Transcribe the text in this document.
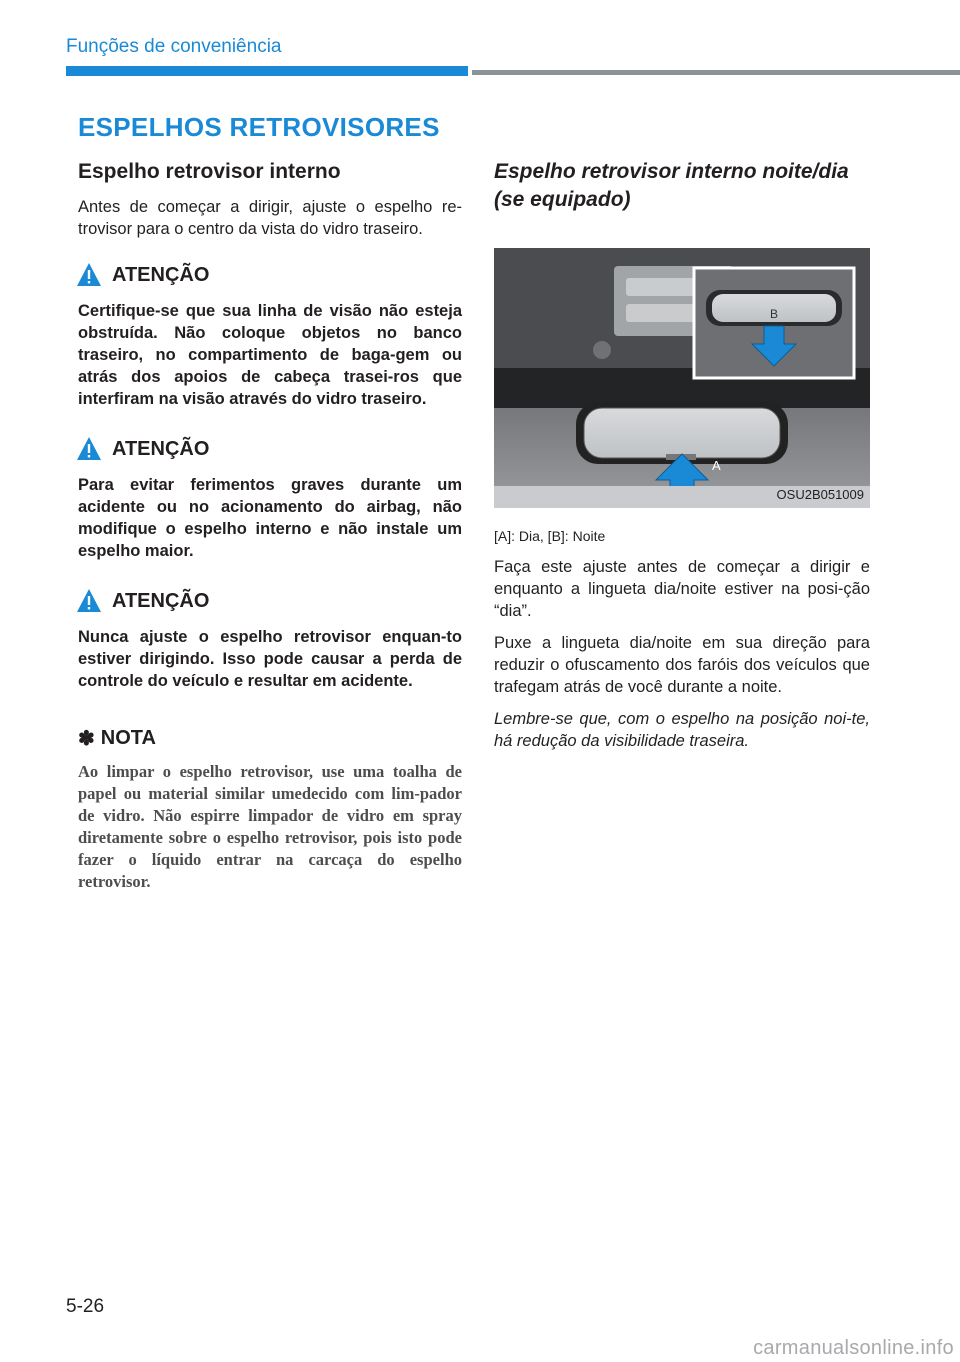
Funções de conveniência
ESPELHOS RETROVISORES
Espelho retrovisor interno

Antes de começar a dirigir, ajuste o espelho re-trovisor para o centro da vista do vidro traseiro.

ATENÇÃO
Certifique-se que sua linha de visão não esteja obstruída. Não coloque objetos no banco traseiro, no compartimento de baga-gem ou atrás dos apoios de cabeça trasei-ros que interfiram na visão através do vidro traseiro.
ATENÇÃO
Para evitar ferimentos graves durante um acidente ou no acionamento do airbag, não modifique o espelho interno e não instale um espelho maior.
ATENÇÃO
Nunca ajuste o espelho retrovisor enquan-to estiver dirigindo. Isso pode causar a perda de controle do veículo e resultar em acidente.
✽ NOTA
Ao limpar o espelho retrovisor, use uma toalha de papel ou material similar umedecido com lim-pador de vidro. Não espirre limpador de vidro em spray diretamente sobre o espelho retrovisor, pois isto pode fazer o líquido entrar na carcaça do espelho retrovisor.
Espelho retrovisor interno noite/dia (se equipado)
A
B
OSU2B051009
[A]: Dia, [B]: Noite

Faça este ajuste antes de começar a dirigir e enquanto a lingueta dia/noite estiver na posi-ção “dia”.

Puxe a lingueta dia/noite em sua direção para reduzir o ofuscamento dos faróis dos veículos que trafegam atrás de você durante a noite.

Lembre-se que, com o espelho na posição noi-te, há redução da visibilidade traseira.

5-26
carmanualsonline.info
